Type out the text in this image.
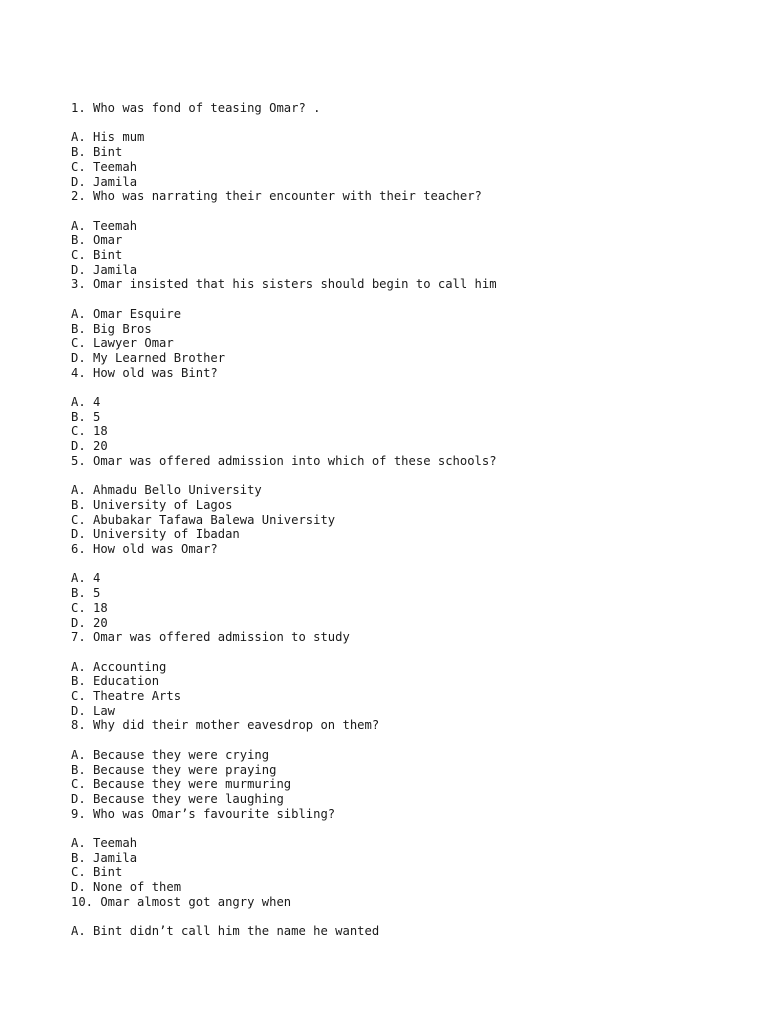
1. Who was fond of teasing Omar? .
A. His mum
B. Bint
C. Teemah
D. Jamila
2. Who was narrating their encounter with their teacher?
A. Teemah
B. Omar
C. Bint
D. Jamila
3. Omar insisted that his sisters should begin to call him
A. Omar Esquire
B. Big Bros
C. Lawyer Omar
D. My Learned Brother
4. How old was Bint?
A. 4
B. 5
C. 18
D. 20
5. Omar was offered admission into which of these schools?
A. Ahmadu Bello University
B. University of Lagos
C. Abubakar Tafawa Balewa University
D. University of Ibadan
6. How old was Omar?
A. 4
B. 5
C. 18
D. 20
7. Omar was offered admission to study
A. Accounting
B. Education
C. Theatre Arts
D. Law
8. Why did their mother eavesdrop on them?
A. Because they were crying
B. Because they were praying
C. Because they were murmuring
D. Because they were laughing
9. Who was Omar’s favourite sibling?
A. Teemah
B. Jamila
C. Bint
D. None of them
10. Omar almost got angry when
A. Bint didn’t call him the name he wanted
